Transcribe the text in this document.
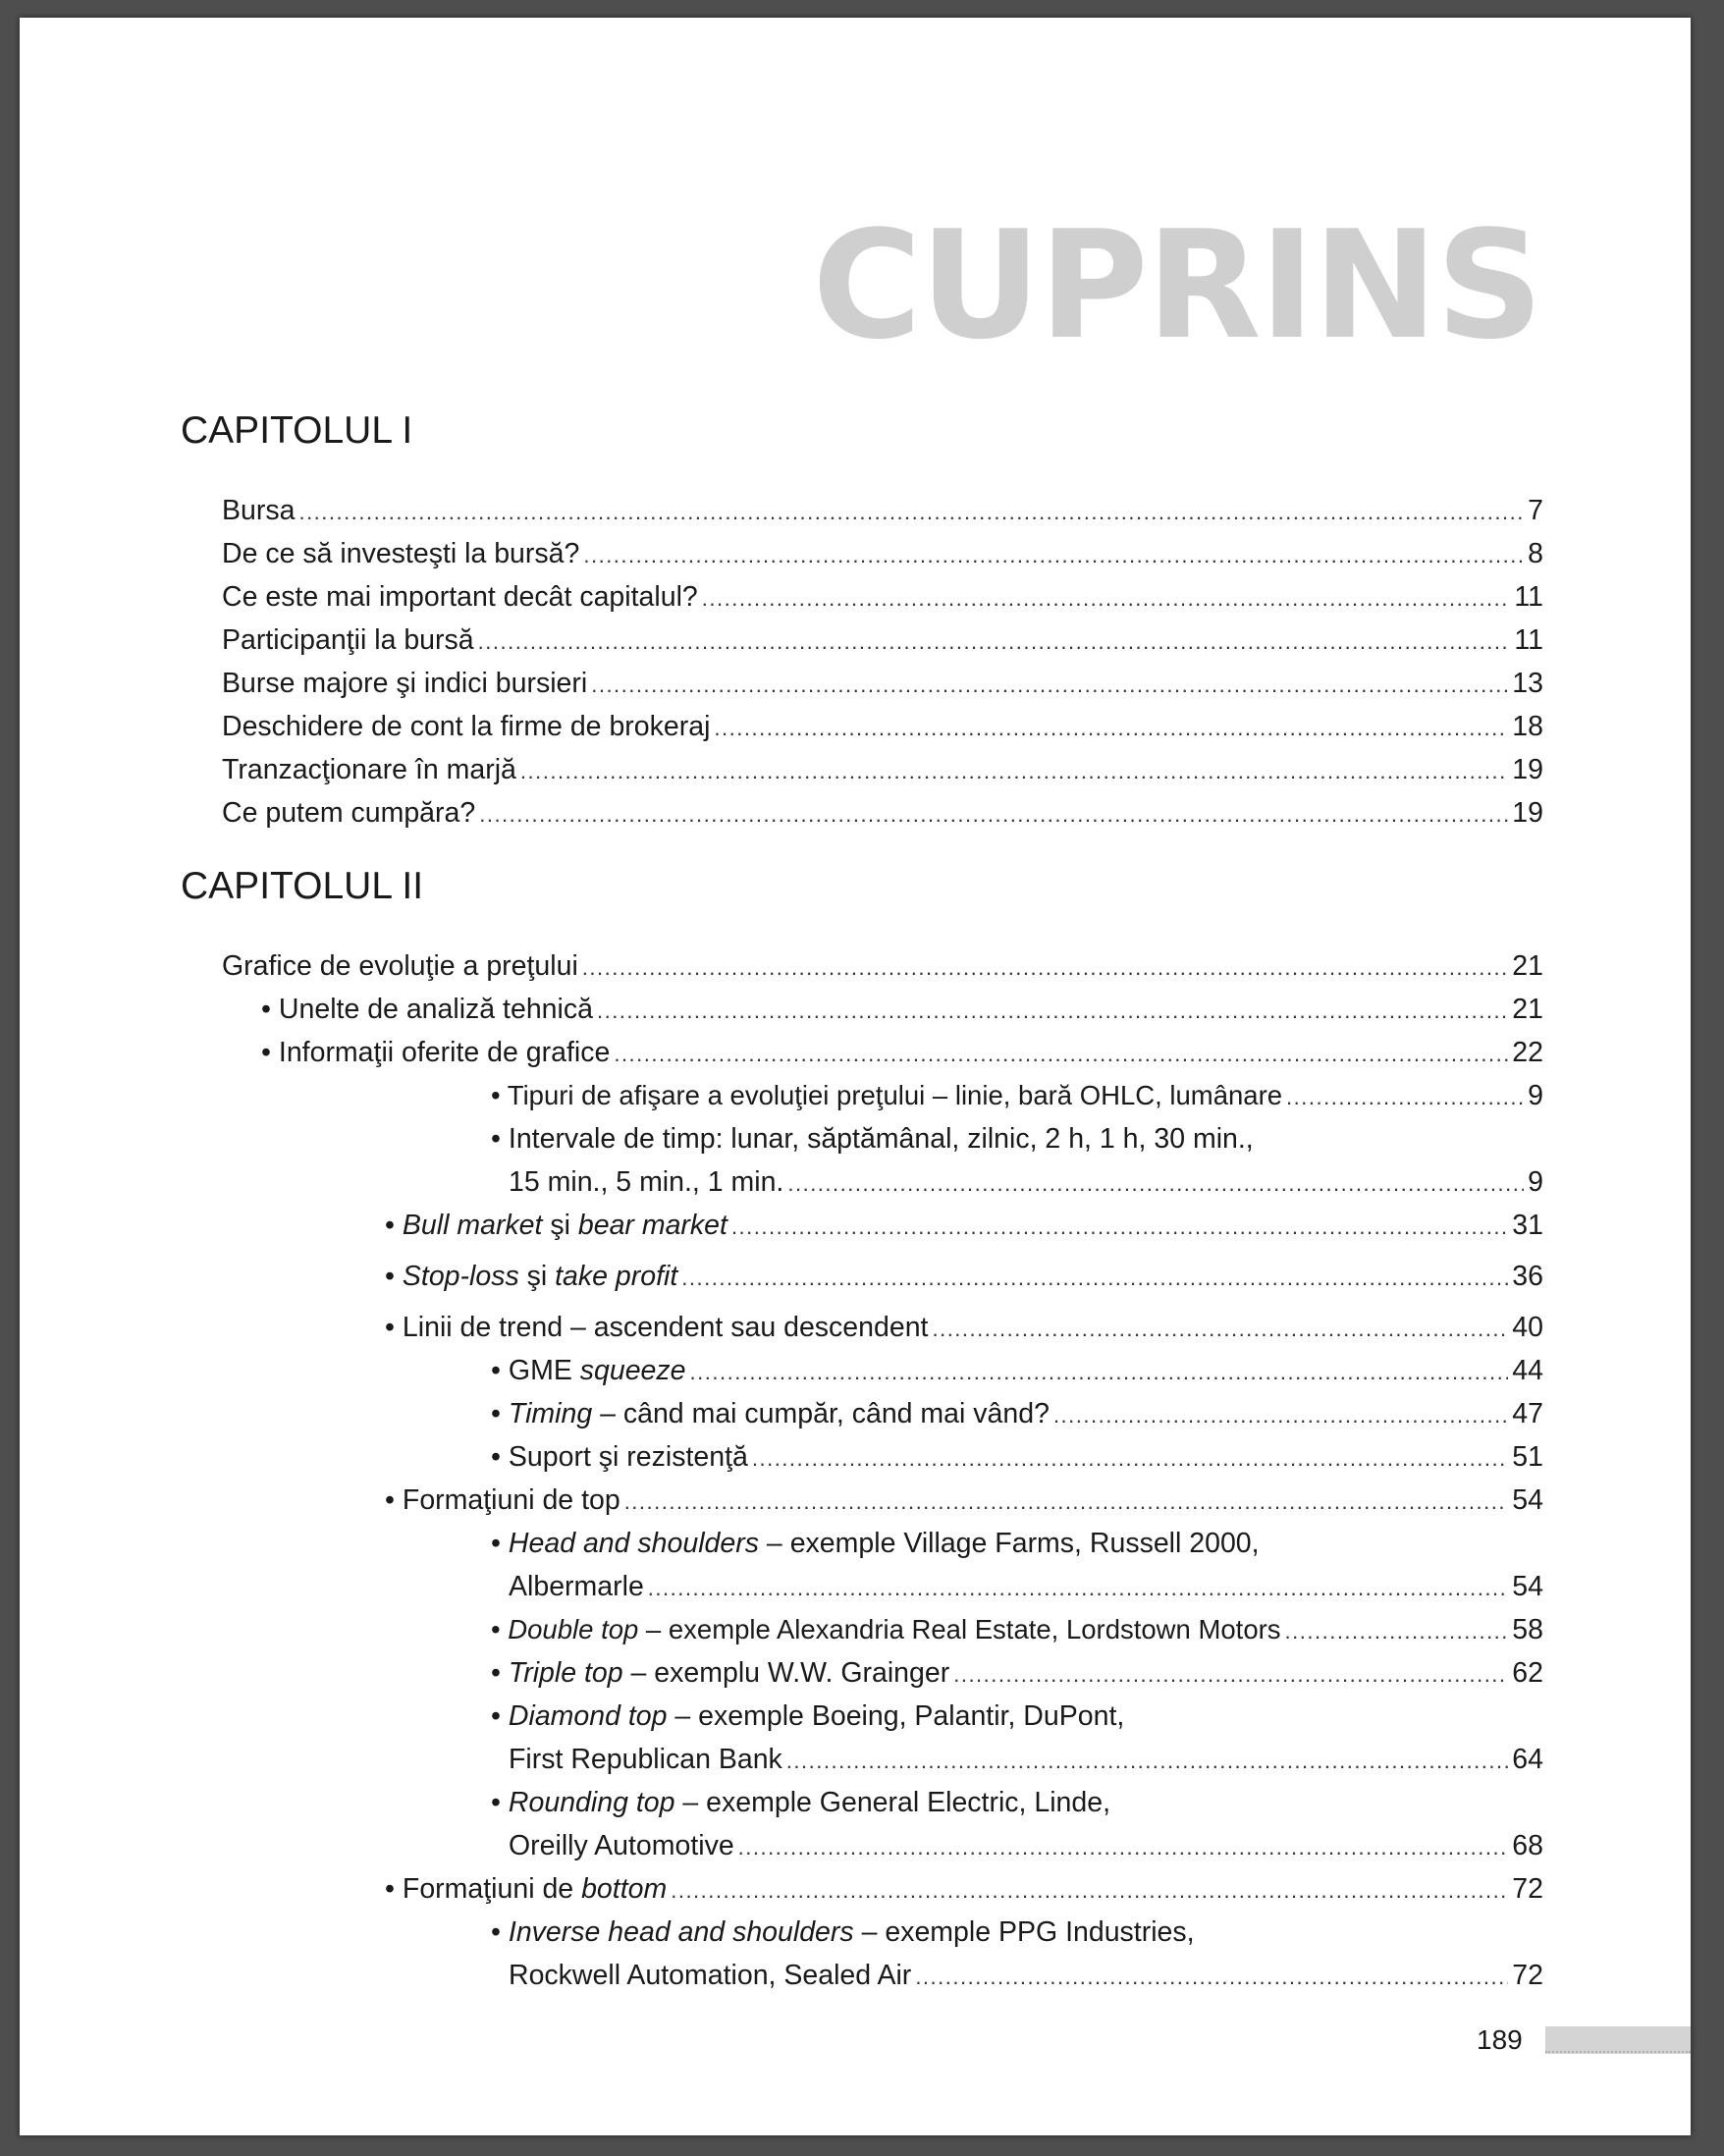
CUPRINS
CAPITOLUL I
Bursa .....	7
De ce să investeşti la bursă? .....	8
Ce este mai important decât capitalul? .....	11
Participanţii la bursă .....	11
Burse majore şi indici bursieri .....	13
Deschidere de cont la firme de brokeraj .....	18
Tranzacţionare în marjă .....	19
Ce putem cumpăra? .....	19
CAPITOLUL II
Grafice de evoluţie a preţului .....	21
• Unelte de analiză tehnică .....	21
• Informaţii oferite de grafice .....	22
• Tipuri de afişare a evoluţiei preţului – linie, bară OHLC, lumânare .....	9
• Intervale de timp: lunar, săptămânal, zilnic, 2 h, 1 h, 30 min.,
15 min., 5 min., 1 min. .....	9
• Bull market şi bear market .....	31
• Stop-loss şi take profit .....	36
• Linii de trend – ascendent sau descendent .....	40
• GME squeeze .....	44
• Timing – când mai cumpăr, când mai vând? .....	47
• Suport şi rezistenţă .....	51
• Formaţiuni de top .....	54
• Head and shoulders – exemple Village Farms, Russell 2000,
Albermarle .....	54
• Double top – exemple Alexandria Real Estate, Lordstown Motors .....	58
• Triple top – exemplu W.W. Grainger .....	62
• Diamond top – exemple Boeing, Palantir, DuPont,
First Republican Bank .....	64
• Rounding top – exemple General Electric, Linde,
Oreilly Automotive .....	68
• Formaţiuni de bottom .....	72
• Inverse head and shoulders – exemple PPG Industries,
Rockwell Automation, Sealed Air .....	72
189
